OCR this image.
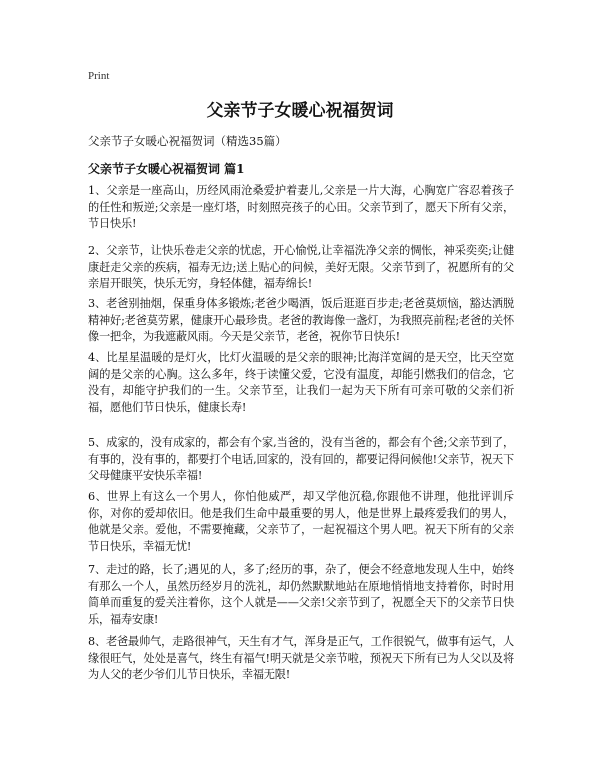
Print
父亲节子女暖心祝福贺词
父亲节子女暖心祝福贺词（精选35篇）
父亲节子女暖心祝福贺词 篇1
1、父亲是一座高山，历经风雨沧桑爱护着妻儿,父亲是一片大海，心胸宽广容忍着孩子的任性和叛逆;父亲是一座灯塔，时刻照亮孩子的心田。父亲节到了，愿天下所有父亲，节日快乐!
2、父亲节，让快乐卷走父亲的忧虑，开心愉悦,让幸福洗净父亲的惆怅，神采奕奕;让健康赶走父亲的疾病，福寿无边;送上贴心的问候，美好无限。父亲节到了，祝愿所有的父亲眉开眼笑，快乐无穷，身轻体健，福寿绵长!
3、老爸别抽烟，保重身体多锻炼;老爸少喝酒，饭后逛逛百步走;老爸莫烦恼，豁达洒脱精神好;老爸莫劳累，健康开心最珍贵。老爸的教诲像一盏灯，为我照亮前程;老爸的关怀像一把伞，为我遮蔽风雨。今天是父亲节，老爸，祝你节日快乐!
4、比星星温暖的是灯火，比灯火温暖的是父亲的眼神;比海洋宽阔的是天空，比天空宽阔的是父亲的心胸。这么多年，终于读懂父爱，它没有温度，却能引燃我们的信念，它没有，却能守护我们的一生。父亲节至，让我们一起为天下所有可亲可敬的父亲们祈福，愿他们节日快乐，健康长寿!
5、成家的，没有成家的，都会有个家,当爸的，没有当爸的，都会有个爸;父亲节到了，有事的，没有事的，都要打个电话,回家的，没有回的，都要记得问候他!父亲节，祝天下父母健康平安快乐幸福!
6、世界上有这么一个男人，你怕他威严，却又学他沉稳,你跟他不讲理，他批评训斥你，对你的爱却依旧。他是我们生命中最重要的男人，他是世界上最疼爱我们的男人，他就是父亲。爱他，不需要掩藏，父亲节了，一起祝福这个男人吧。祝天下所有的父亲节日快乐，幸福无忧!
7、走过的路，长了;遇见的人，多了;经历的事，杂了，便会不经意地发现人生中，始终有那么一个人，虽然历经岁月的洗礼，却仍然默默地站在原地悄悄地支持着你，时时用简单而重复的爱关注着你，这个人就是——父亲!父亲节到了，祝愿全天下的父亲节日快乐，福寿安康!
8、老爸最帅气，走路很神气，天生有才气，浑身是正气，工作很锐气，做事有运气，人缘很旺气，处处是喜气，终生有福气!明天就是父亲节啦，预祝天下所有已为人父以及将为人父的老少爷们儿节日快乐，幸福无限!
